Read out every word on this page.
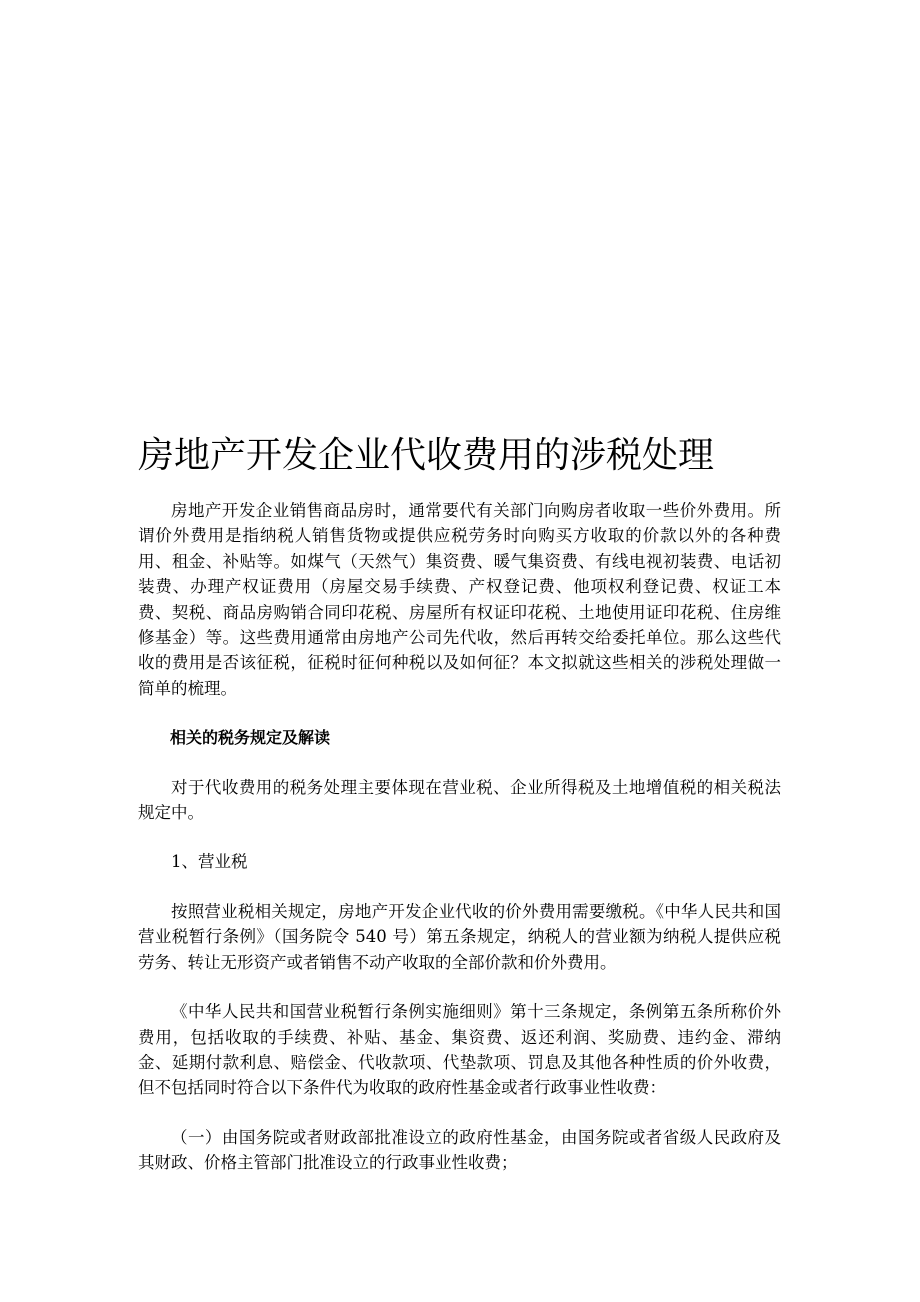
房地产开发企业代收费用的涉税处理

房地产开发企业销售商品房时，通常要代有关部门向购房者收取一些价外费用。所谓价外费用是指纳税人销售货物或提供应税劳务时向购买方收取的价款以外的各种费用、租金、补贴等。如煤气（天然气）集资费、暖气集资费、有线电视初装费、电话初装费、办理产权证费用（房屋交易手续费、产权登记费、他项权利登记费、权证工本费、契税、商品房购销合同印花税、房屋所有权证印花税、土地使用证印花税、住房维修基金）等。这些费用通常由房地产公司先代收，然后再转交给委托单位。那么这些代收的费用是否该征税，征税时征何种税以及如何征？本文拟就这些相关的涉税处理做一简单的梳理。

相关的税务规定及解读

对于代收费用的税务处理主要体现在营业税、企业所得税及土地增值税的相关税法规定中。

1、营业税

按照营业税相关规定，房地产开发企业代收的价外费用需要缴税。《中华人民共和国营业税暂行条例》（国务院令 540 号）第五条规定，纳税人的营业额为纳税人提供应税劳务、转让无形资产或者销售不动产收取的全部价款和价外费用。

《中华人民共和国营业税暂行条例实施细则》第十三条规定，条例第五条所称价外费用，包括收取的手续费、补贴、基金、集资费、返还利润、奖励费、违约金、滞纳金、延期付款利息、赔偿金、代收款项、代垫款项、罚息及其他各种性质的价外收费，但不包括同时符合以下条件代为收取的政府性基金或者行政事业性收费：

（一）由国务院或者财政部批准设立的政府性基金，由国务院或者省级人民政府及其财政、价格主管部门批准设立的行政事业性收费；
